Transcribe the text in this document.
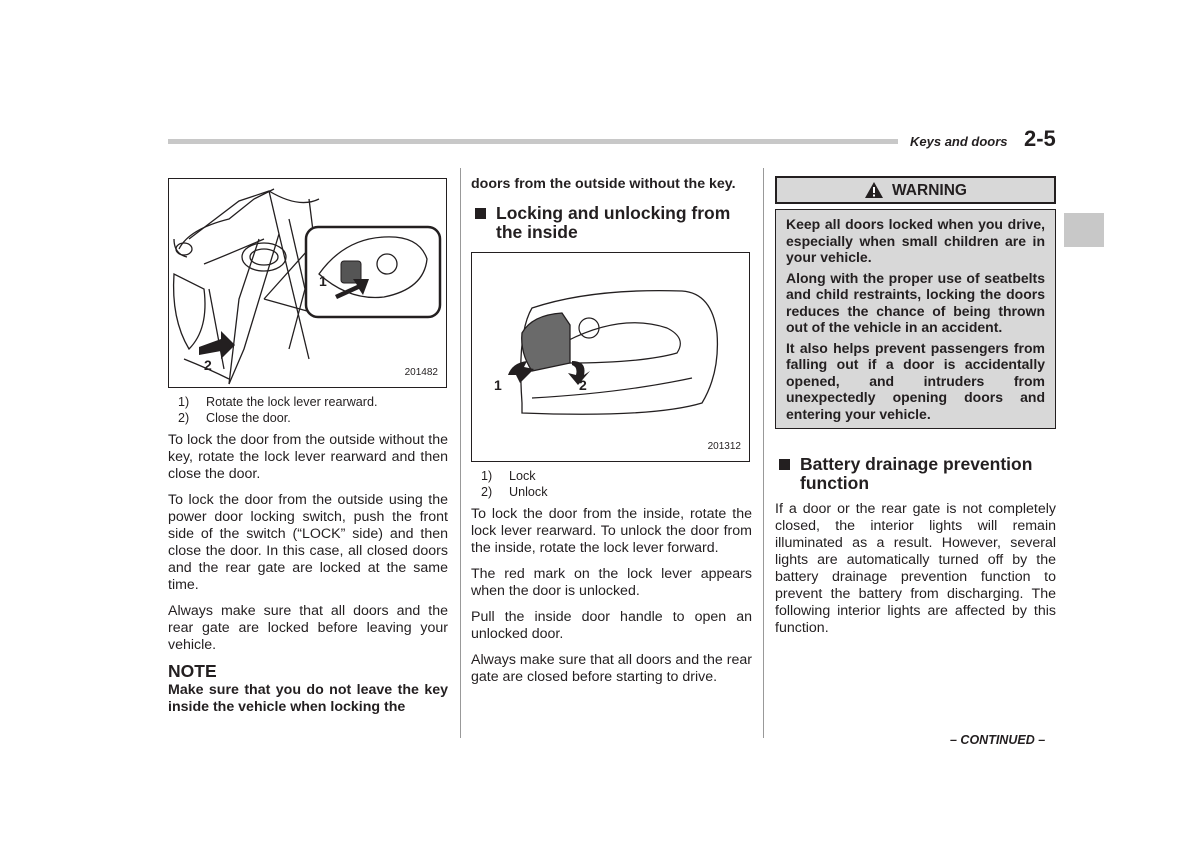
Keys and doors 2-5
1
2	201482
1)	Rotate the lock lever rearward.
2)	Close the door.

To lock the door from the outside without the key, rotate the lock lever rearward and then close the door.

To lock the door from the outside using the power door locking switch, push the front side of the switch (“LOCK” side) and then close the door. In this case, all closed doors and the rear gate are locked at the same time.

Always make sure that all doors and the rear gate are locked before leaving your vehicle.

NOTE

Make sure that you do not leave the key inside the vehicle when locking the

doors from the outside without the key.

Locking and unlocking from the inside
1	2
201312
1)	Lock
2)	Unlock

To lock the door from the inside, rotate the lock lever rearward. To unlock the door from the inside, rotate the lock lever forward.

The red mark on the lock lever appears when the door is unlocked.

Pull the inside door handle to open an unlocked door.

Always make sure that all doors and the rear gate are closed before starting to drive.

WARNING

Keep all doors locked when you drive, especially when small children are in your vehicle.

Along with the proper use of seatbelts and child restraints, locking the doors reduces the chance of being thrown out of the vehicle in an accident.

It also helps prevent passengers from falling out if a door is accidentally opened, and intruders from unexpectedly opening doors and entering your vehicle.

Battery drainage prevention function

If a door or the rear gate is not completely closed, the interior lights will remain illuminated as a result. However, several lights are automatically turned off by the battery drainage prevention function to prevent the battery from discharging. The following interior lights are affected by this function.

– CONTINUED –
